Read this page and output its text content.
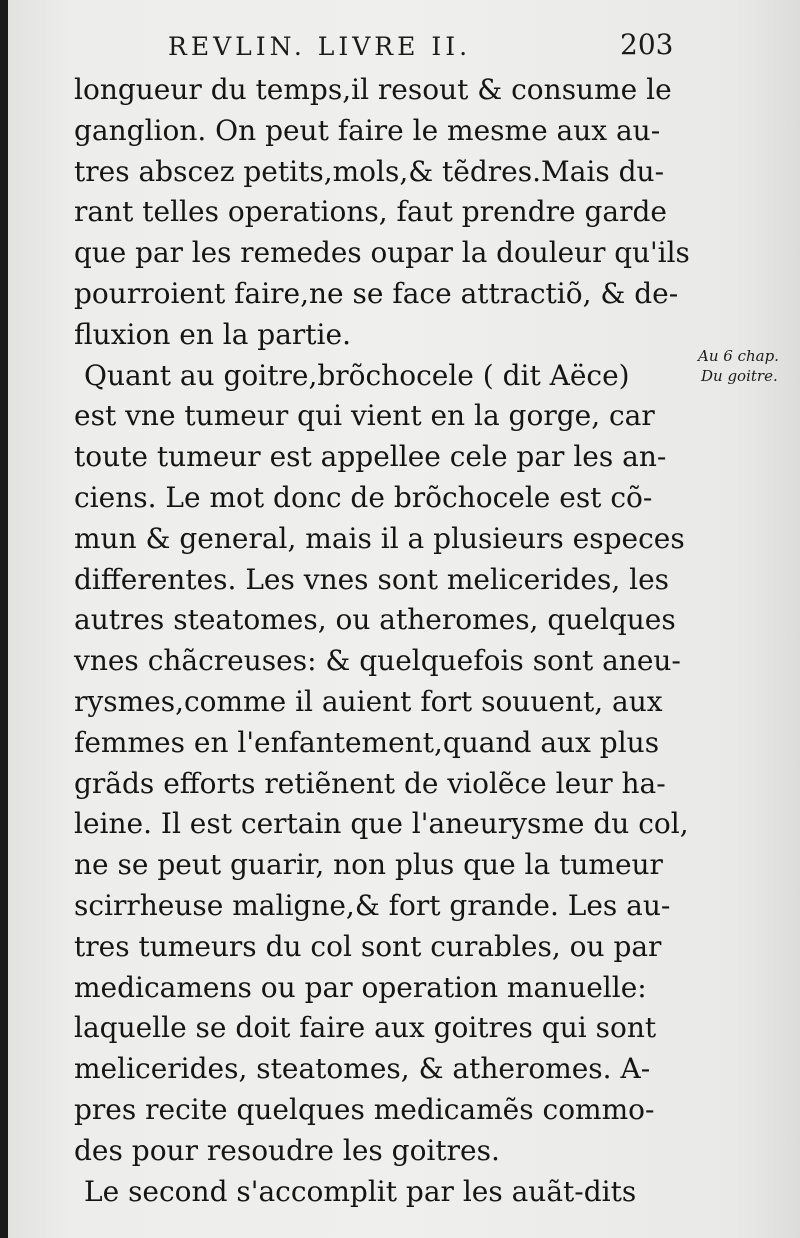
REVLIN. LIVRE II.	203
longueur du temps,il resout & consume le
ganglion. On peut faire le mesme aux au-
tres abscez petits,mols,& tẽdres.Mais du-
rant telles operations, faut prendre garde
que par les remedes oupar la douleur qu'ils
pourroient faire,ne se face attractiõ, & de-
fluxion en la partie.
Quant au goitre,brõchocele ( dit Aëce)
est vne tumeur qui vient en la gorge, car
toute tumeur est appellee cele par les an-
ciens. Le mot donc de brõchocele est cõ-
mun & general, mais il a plusieurs especes
differentes. Les vnes sont melicerides, les
autres steatomes, ou atheromes, quelques
vnes chãcreuses: & quelquefois sont aneu-
rysmes,comme il auient fort souuent, aux
femmes en l'enfantement,quand aux plus
grãds efforts retiẽnent de violẽce leur ha-
leine. Il est certain que l'aneurysme du col,
ne se peut guarir, non plus que la tumeur
scirrheuse maligne,& fort grande. Les au-
tres tumeurs du col sont curables, ou par
medicamens ou par operation manuelle:
laquelle se doit faire aux goitres qui sont
melicerides, steatomes, & atheromes. A-
pres recite quelques medicamẽs commo-
des pour resoudre les goitres.
Le second s'accomplit par les auãt-dits
Au 6 chap.
Du goitre.
